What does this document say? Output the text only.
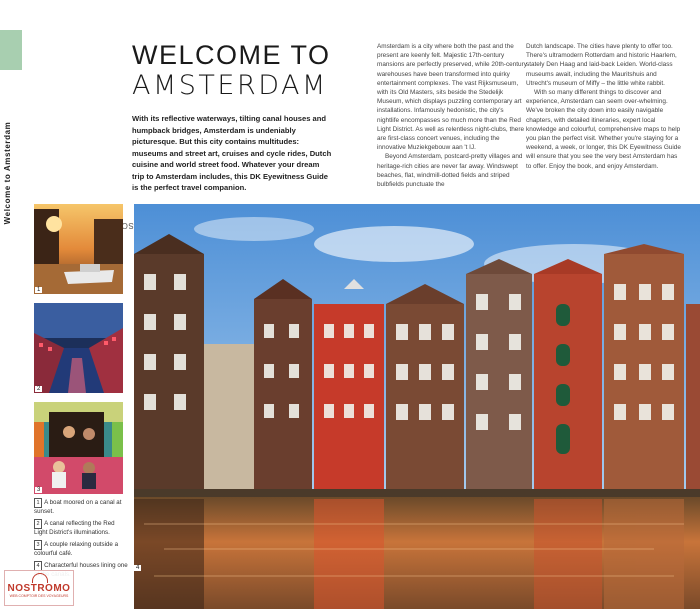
Welcome to Amsterdam
WELCOME TO
AMSTERDAM
With its reflective waterways, tilting canal houses and humpback bridges, Amsterdam is undeniably picturesque. But this city contains multitudes: museums and street art, cruises and cycle rides, Dutch cuisine and world street food. Whatever your dream trip to Amsterdam includes, this DK Eyewitness Guide is the perfect travel companion.

Amsterdam is a city where both the past and the present are keenly felt. Majestic 17th-century mansions are perfectly preserved, while 20th-century warehouses have been transformed into quirky entertainment complexes. The vast Rijksmuseum, with its Old Masters, sits beside the Stedelijk Museum, which displays puzzling contemporary art installations. Infamously hedonistic, the city's nightlife encompasses so much more than the Red Light District. As well as relentless night-clubs, there are first-class concert venues, including the innovative Muziekgebouw aan 't IJ.

Beyond Amsterdam, postcard-pretty villages and heritage-rich cities are never far away. Windswept beaches, flat, windmill-dotted fields and striped bulbfields punctuate the

Dutch landscape. The cities have plenty to offer too. There's ultramodern Rotterdam and historic Haarlem, stately Den Haag and laid-back Leiden. World-class museums await, including the Mauritshuis and Utrecht's museum of Miffy – the little white rabbit.

With so many different things to discover and experience, Amsterdam can seem over-whelming. We've broken the city down into easily navigable chapters, with detailed itineraries, expert local knowledge and colourful, comprehensive maps to help you plan the perfect visit. Whether you're staying for a weekend, a week, or longer, this DK Eyewitness Guide will ensure that you see the very best Amsterdam has to offer. Enjoy the book, and enjoy Amsterdam.

1
2
3
1 A boat moored on a canal at sunset.
2 A canal reflecting the Red Light District's illuminations.
3 A couple relaxing outside a colourful café.
4 Characterful houses lining one	4
NOSTROMO
WEB COMPTOIR DES VOYAGEURS
